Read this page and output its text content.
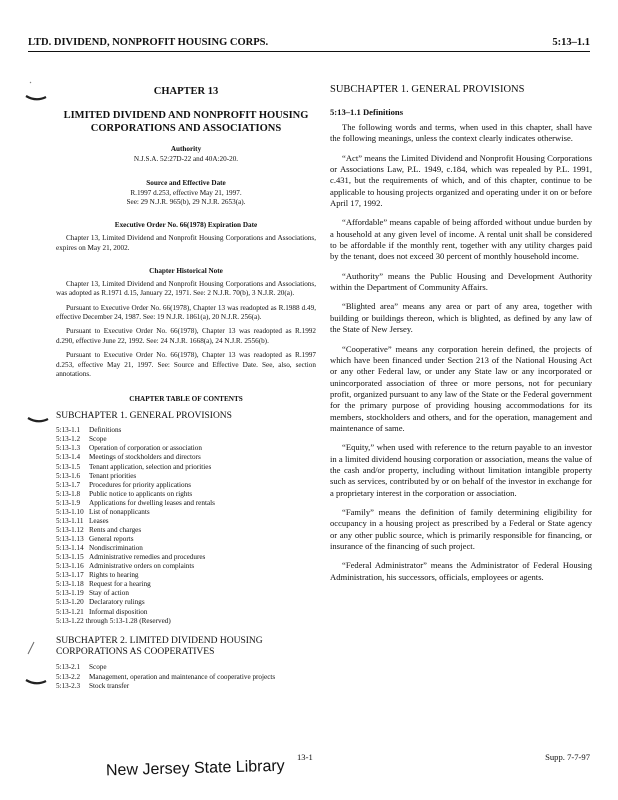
LTD. DIVIDEND, NONPROFIT HOUSING CORPS.	5:13–1.1
CHAPTER 13
LIMITED DIVIDEND AND NONPROFIT HOUSING CORPORATIONS AND ASSOCIATIONS
Authority
N.J.S.A. 52:27D-22 and 40A:20-20.
Source and Effective Date
R.1997 d.253, effective May 21, 1997.
See: 29 N.J.R. 965(b), 29 N.J.R. 2653(a).
Executive Order No. 66(1978) Expiration Date
Chapter 13, Limited Dividend and Nonprofit Housing Corporations and Associations, expires on May 21, 2002.
Chapter Historical Note
Chapter 13, Limited Dividend and Nonprofit Housing Corporations and Associations, was adopted as R.1971 d.15, January 22, 1971. See: 2 N.J.R. 70(b), 3 N.J.R. 20(a).
Pursuant to Executive Order No. 66(1978), Chapter 13 was readopted as R.1988 d.49, effective December 24, 1987. See: 19 N.J.R. 1861(a), 20 N.J.R. 256(a).
Pursuant to Executive Order No. 66(1978), Chapter 13 was readopted as R.1992 d.290, effective June 22, 1992. See: 24 N.J.R. 1668(a), 24 N.J.R. 2556(b).
Pursuant to Executive Order No. 66(1978), Chapter 13 was readopted as R.1997 d.253, effective May 21, 1997. See: Source and Effective Date. See, also, section annotations.
CHAPTER TABLE OF CONTENTS
SUBCHAPTER 1. GENERAL PROVISIONS
5:13-1.1	Definitions
5:13-1.2	Scope
5:13-1.3	Operation of corporation or association
5:13-1.4	Meetings of stockholders and directors
5:13-1.5	Tenant application, selection and priorities
5:13-1.6	Tenant priorities
5:13-1.7	Procedures for priority applications
5:13-1.8	Public notice to applicants on rights
5:13-1.9	Applications for dwelling leases and rentals
5:13-1.10 List of nonapplicants
5:13-1.11 Leases
5:13-1.12 Rents and charges
5:13-1.13 General reports
5:13-1.14 Nondiscrimination
5:13-1.15 Administrative remedies and procedures
5:13-1.16 Administrative orders on complaints
5:13-1.17 Rights to hearing
5:13-1.18 Request for a hearing
5:13-1.19 Stay of action
5:13-1.20 Declaratory rulings
5:13-1.21 Informal disposition
5:13-1.22 through 5:13-1.28 (Reserved)
SUBCHAPTER 2. LIMITED DIVIDEND HOUSING CORPORATIONS AS COOPERATIVES
5:13-2.1	Scope
5:13-2.2	Management, operation and maintenance of cooperative projects
5:13-2.3	Stock transfer
SUBCHAPTER 1. GENERAL PROVISIONS
5:13–1.1 Definitions
The following words and terms, when used in this chapter, shall have the following meanings, unless the context clearly indicates otherwise.
“Act” means the Limited Dividend and Nonprofit Housing Corporations or Associations Law, P.L. 1949, c.184, which was repealed by P.L. 1991, c.431, but the requirements of which, and of this chapter, continue to be applicable to housing projects organized and operating under it on or before April 17, 1992.
“Affordable” means capable of being afforded without undue burden by a household at any given level of income. A rental unit shall be considered to be affordable if the monthly rent, together with any utility charges paid by the tenant, does not exceed 30 percent of monthly household income.
“Authority” means the Public Housing and Development Authority within the Department of Community Affairs.
“Blighted area” means any area or part of any area, together with building or buildings thereon, which is blighted, as defined by any law of the State of New Jersey.
“Cooperative” means any corporation herein defined, the projects of which have been financed under Section 213 of the National Housing Act or any other Federal law, or under any State law or any incorporated or unincorporated association of three or more persons, not for pecuniary profit, organized pursuant to any law of the State or the Federal government for the primary purpose of providing housing accommodations for its members, stockholders and others, and for the operation, management and maintenance of same.
“Equity,” when used with reference to the return payable to an investor in a limited dividend housing corporation or association, means the value of the cash and/or property, including without limitation intangible property such as services, contributed by or on behalf of the investor in exchange for a proprietary interest in the corporation or association.
“Family” means the definition of family determining eligibility for occupancy in a housing project as prescribed by a Federal or State agency or any other public source, which is primarily responsible for financing, or insurance of the financing of such project.
“Federal Administrator” means the Administrator of Federal Housing Administration, his successors, officials, employees or agents.
13-1	Supp. 7-7-97
New Jersey State Library
